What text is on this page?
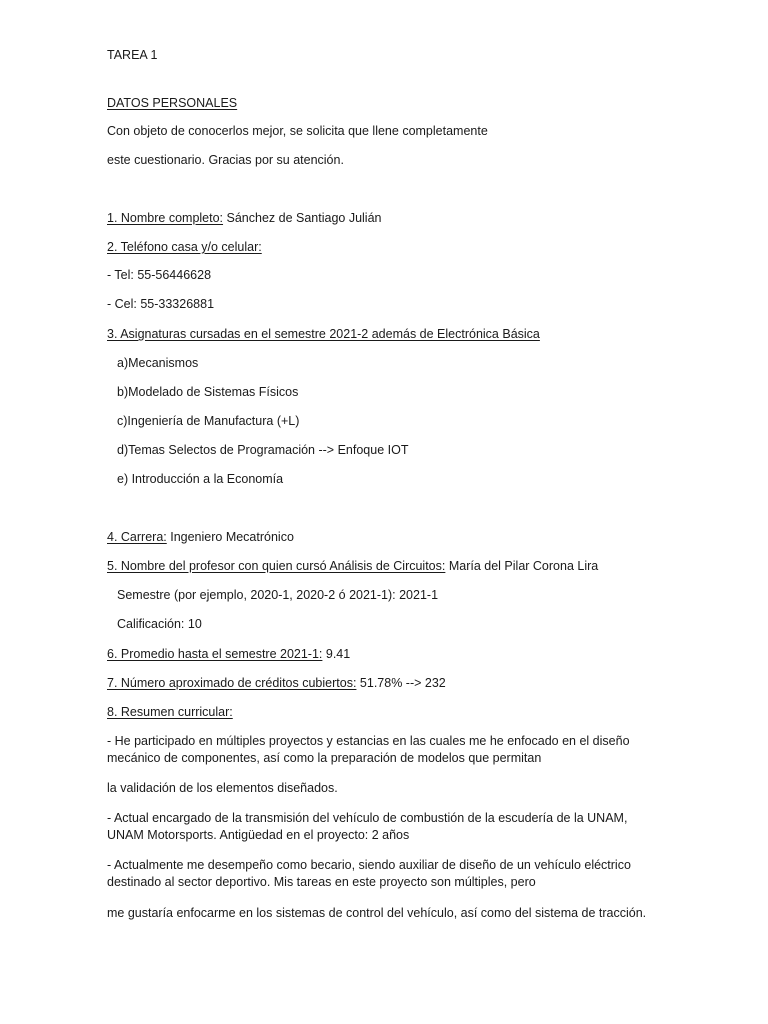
TAREA 1
DATOS PERSONALES
Con objeto de conocerlos mejor, se solicita que llene completamente
este cuestionario. Gracias por su atención.
1. Nombre completo: Sánchez de Santiago Julián
2. Teléfono casa y/o celular:
- Tel: 55-56446628
- Cel: 55-33326881
3. Asignaturas cursadas en el semestre 2021-2 además de Electrónica Básica
a)Mecanismos
b)Modelado de Sistemas Físicos
c)Ingeniería de Manufactura (+L)
d)Temas Selectos de Programación --> Enfoque IOT
e) Introducción a la Economía
4. Carrera: Ingeniero Mecatrónico
5. Nombre del profesor con quien cursó Análisis de Circuitos: María del Pilar Corona Lira
Semestre (por ejemplo, 2020-1, 2020-2 ó 2021-1): 2021-1
Calificación: 10
6. Promedio hasta el semestre 2021-1: 9.41
7. Número aproximado de créditos cubiertos: 51.78% --> 232
8. Resumen curricular:
- He participado en múltiples proyectos y estancias en las cuales me he enfocado en el diseño mecánico de componentes, así como la preparación de modelos que permitan
la validación de los elementos diseñados.
- Actual encargado de la transmisión del vehículo de combustión de la escudería de la UNAM, UNAM Motorsports. Antigüedad en el proyecto: 2 años
- Actualmente me desempeño como becario, siendo auxiliar de diseño de un vehículo eléctrico destinado al sector deportivo. Mis tareas en este proyecto son múltiples, pero
me gustaría enfocarme en los sistemas de control del vehículo, así como del sistema de tracción.
